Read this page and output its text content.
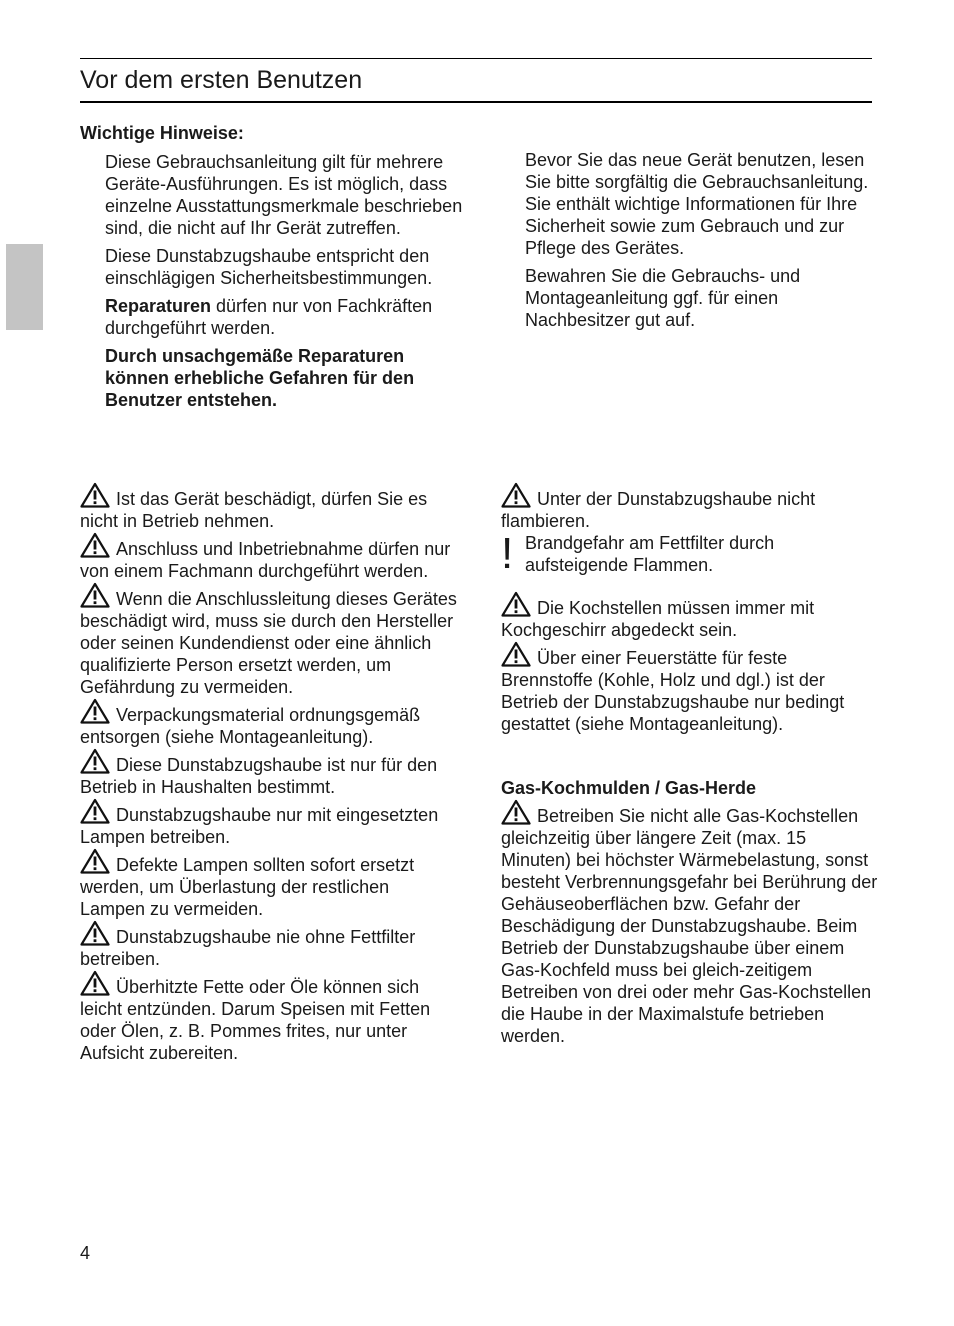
Vor dem ersten Benutzen
Wichtige Hinweise:

Diese Gebrauchsanleitung gilt für mehrere Geräte-Ausführungen. Es ist möglich, dass einzelne Ausstattungsmerkmale beschrieben sind, die nicht auf Ihr Gerät zutreffen.

Diese Dunstabzugshaube entspricht den einschlägigen Sicherheitsbestimmungen.

Reparaturen dürfen nur von Fachkräften durchgeführt werden.

Durch unsachgemäße Reparaturen können erhebliche Gefahren für den Benutzer entstehen.

Bevor Sie das neue Gerät benutzen, lesen Sie bitte sorgfältig die Gebrauchsanleitung. Sie enthält wichtige Informationen für Ihre Sicherheit sowie zum Gebrauch und zur Pflege des Gerätes.

Bewahren Sie die Gebrauchs- und Montageanleitung ggf. für einen Nachbesitzer gut auf.

Ist das Gerät beschädigt, dürfen Sie es nicht in Betrieb nehmen.

Anschluss und Inbetriebnahme dürfen nur von einem Fachmann durchgeführt werden.

Wenn die Anschlussleitung dieses Gerätes beschädigt wird, muss sie durch den Hersteller oder seinen Kundendienst oder eine ähnlich qualifizierte Person ersetzt werden, um Gefährdung zu vermeiden.

Verpackungsmaterial ordnungsgemäß entsorgen (siehe Montageanleitung).

Diese Dunstabzugshaube ist nur für den Betrieb in Haushalten bestimmt.

Dunstabzugshaube nur mit eingesetzten Lampen betreiben.

Defekte Lampen sollten sofort ersetzt werden, um Überlastung der restlichen Lampen zu vermeiden.

Dunstabzugshaube nie ohne Fettfilter betreiben.

Überhitzte Fette oder Öle können sich leicht entzünden. Darum Speisen mit Fetten oder Ölen, z. B. Pommes frites, nur unter Aufsicht zubereiten.

Unter der Dunstabzugshaube nicht flambieren.

! Brandgefahr am Fettfilter durch aufsteigende Flammen.

Die Kochstellen müssen immer mit Kochgeschirr abgedeckt sein.

Über einer Feuerstätte für feste Brennstoffe (Kohle, Holz und dgl.) ist der Betrieb der Dunstabzugshaube nur bedingt gestattet (siehe Montageanleitung).

Gas-Kochmulden / Gas-Herde

Betreiben Sie nicht alle Gas-Kochstellen gleichzeitig über längere Zeit (max. 15 Minuten) bei höchster Wärmebelastung, sonst besteht Verbrennungsgefahr bei Berührung der Gehäuseoberflächen bzw. Gefahr der Beschädigung der Dunstabzugshaube. Beim Betrieb der Dunstabzugshaube über einem Gas-Kochfeld muss bei gleich-zeitigem Betreiben von drei oder mehr Gas-Kochstellen die Haube in der Maximalstufe betrieben werden.

4
